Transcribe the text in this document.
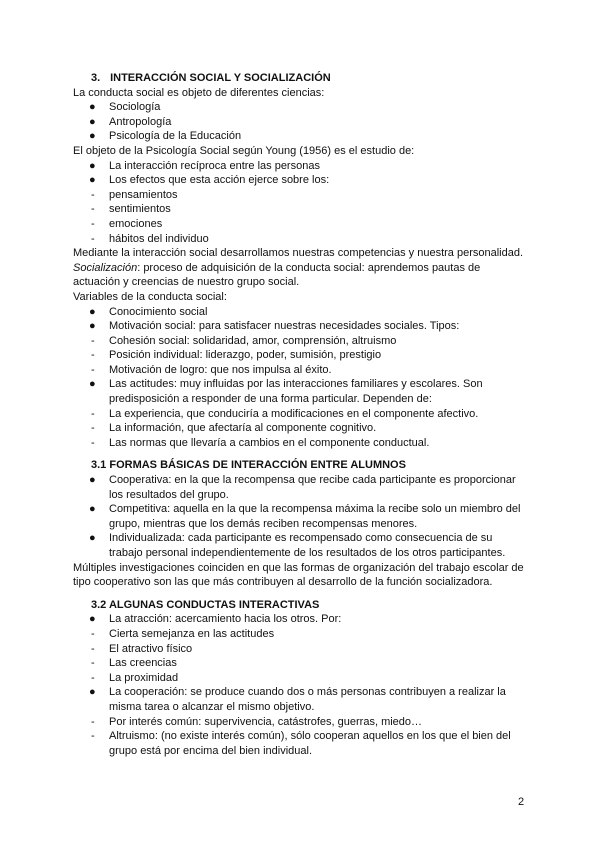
3. INTERACCIÓN SOCIAL Y SOCIALIZACIÓN
La conducta social es objeto de diferentes ciencias:
● Sociología
● Antropología
● Psicología de la Educación
El objeto de la Psicología Social según Young (1956) es el estudio de:
● La interacción recíproca entre las personas
● Los efectos que esta acción ejerce sobre los:
- pensamientos
- sentimientos
- emociones
- hábitos del individuo
Mediante la interacción social desarrollamos nuestras competencias y nuestra personalidad.
Socialización: proceso de adquisición de la conducta social: aprendemos pautas de
actuación y creencias de nuestro grupo social.
Variables de la conducta social:
● Conocimiento social
● Motivación social: para satisfacer nuestras necesidades sociales. Tipos:
- Cohesión social: solidaridad, amor, comprensión, altruismo
- Posición individual: liderazgo, poder, sumisión, prestigio
- Motivación de logro: que nos impulsa al éxito.
● Las actitudes: muy influidas por las interacciones familiares y escolares. Son
predisposición a responder de una forma particular. Dependen de:
- La experiencia, que conduciría a modificaciones en el componente afectivo.
- La información, que afectaría al componente cognitivo.
- Las normas que llevaría a cambios en el componente conductual.
3.1 FORMAS BÁSICAS DE INTERACCIÓN ENTRE ALUMNOS
● Cooperativa: en la que la recompensa que recibe cada participante es proporcionar
los resultados del grupo.
● Competitiva: aquella en la que la recompensa máxima la recibe solo un miembro del
grupo, mientras que los demás reciben recompensas menores.
● Individualizada: cada participante es recompensado como consecuencia de su
trabajo personal independientemente de los resultados de los otros participantes.
Múltiples investigaciones coinciden en que las formas de organización del trabajo escolar de
tipo cooperativo son las que más contribuyen al desarrollo de la función socializadora.
3.2 ALGUNAS CONDUCTAS INTERACTIVAS
● La atracción: acercamiento hacia los otros. Por:
- Cierta semejanza en las actitudes
- El atractivo físico
- Las creencias
- La proximidad
● La cooperación: se produce cuando dos o más personas contribuyen a realizar la
misma tarea o alcanzar el mismo objetivo.
- Por interés común: supervivencia, catástrofes, guerras, miedo…
- Altruismo: (no existe interés común), sólo cooperan aquellos en los que el bien del
grupo está por encima del bien individual.
2
